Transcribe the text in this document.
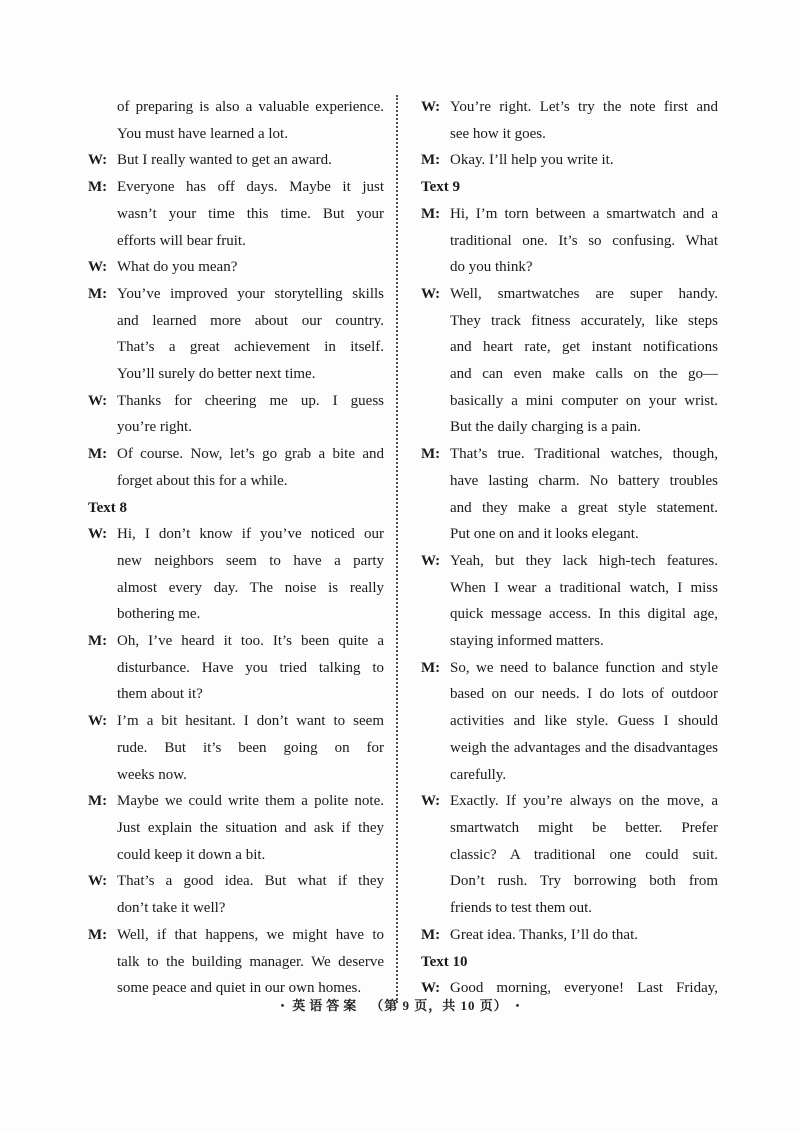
of preparing is also a valuable experience.
You must have learned a lot.
W: But I really wanted to get an award.
M: Everyone has off days. Maybe it just
wasn’t your time this time. But your
efforts will bear fruit.
W: What do you mean?
M: You’ve improved your storytelling skills
and learned more about our country.
That’s a great achievement in itself.
You’ll surely do better next time.
W: Thanks for cheering me up. I guess
you’re right.
M: Of course. Now, let’s go grab a bite and
forget about this for a while.
Text 8
W: Hi, I don’t know if you’ve noticed our
new neighbors seem to have a party
almost every day. The noise is really
bothering me.
M: Oh, I’ve heard it too. It’s been quite a
disturbance. Have you tried talking to
them about it?
W: I’m a bit hesitant. I don’t want to seem
rude. But it’s been going on for
weeks now.
M: Maybe we could write them a polite note.
Just explain the situation and ask if they
could keep it down a bit.
W: That’s a good idea. But what if they
don’t take it well?
M: Well, if that happens, we might have to
talk to the building manager. We deserve
some peace and quiet in our own homes.
W: You’re right. Let’s try the note first and
see how it goes.
M: Okay. I’ll help you write it.
Text 9
M: Hi, I’m torn between a smartwatch and a
traditional one. It’s so confusing. What
do you think?
W: Well, smartwatches are super handy.
They track fitness accurately, like steps
and heart rate, get instant notifications
and can even make calls on the go—
basically a mini computer on your wrist.
But the daily charging is a pain.
M: That’s true. Traditional watches, though,
have lasting charm. No battery troubles
and they make a great style statement.
Put one on and it looks elegant.
W: Yeah, but they lack high-tech features.
When I wear a traditional watch, I miss
quick message access. In this digital age,
staying informed matters.
M: So, we need to balance function and style
based on our needs. I do lots of outdoor
activities and like style. Guess I should
weigh the advantages and the disadvantages
carefully.
W: Exactly. If you’re always on the move, a
smartwatch might be better. Prefer
classic? A traditional one could suit.
Don’t rush. Try borrowing both from
friends to test them out.
M: Great idea. Thanks, I’ll do that.
Text 10
W: Good morning, everyone! Last Friday,
• 英语答案 （第 9 页，共 10 页） •
